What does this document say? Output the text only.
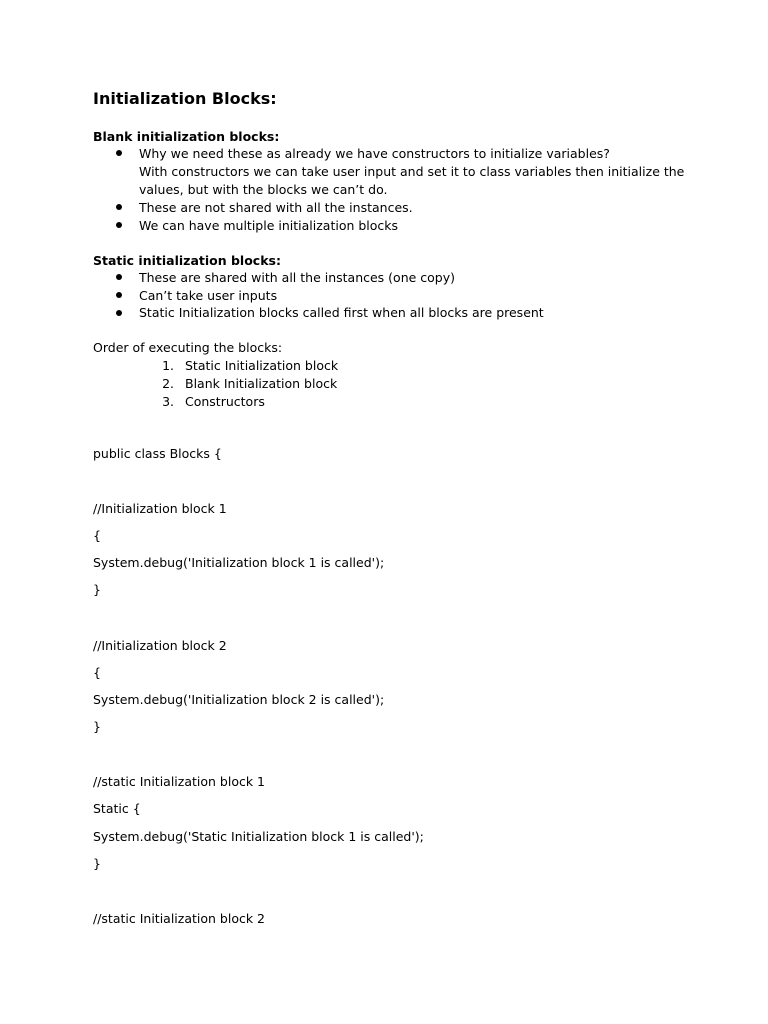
Initialization Blocks:
Blank initialization blocks:
Why we need these as already we have constructors to initialize variables?
With constructors we can take user input and set it to class variables then initialize the
values, but with the blocks we can’t do.
These are not shared with all the instances.
We can have multiple initialization blocks
Static initialization blocks:
These are shared with all the instances (one copy)
Can’t take user inputs
Static Initialization blocks called first when all blocks are present
Order of executing the blocks:
1. Static Initialization block
2. Blank Initialization block
3. Constructors
public class Blocks {
//Initialization block 1
{
System.debug('Initialization block 1 is called');
}
//Initialization block 2
{
System.debug('Initialization block 2 is called');
}
//static Initialization block 1
Static {
System.debug('Static Initialization block 1 is called');
}
//static Initialization block 2
